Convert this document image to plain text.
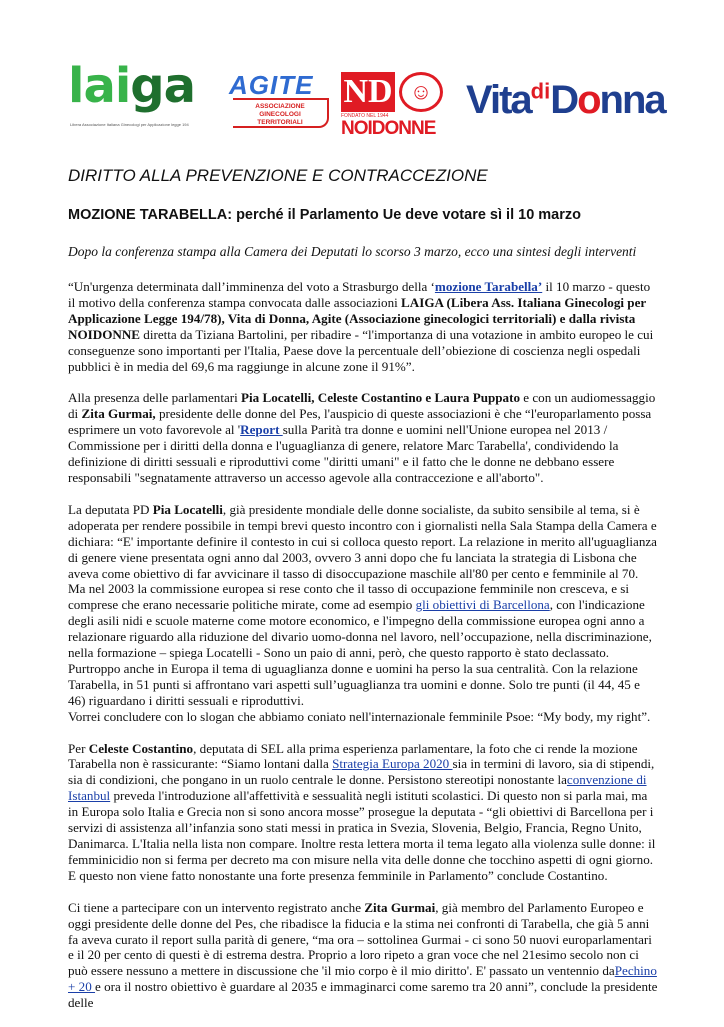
laiga
Libera Associazione Italiana Ginecologi per Applicazione legge 194
AGITE
ASSOCIAZIONE
GINECOLOGI
TERRITORIALI
ND ☺
FONDATO NEL 1944
NOIDONNE
Vita$^{di}$Donna
DIRITTO ALLA PREVENZIONE E CONTRACCEZIONE
MOZIONE TARABELLA: perché il Parlamento Ue deve votare sì il 10 marzo
Dopo la conferenza stampa alla Camera dei Deputati lo scorso 3 marzo, ecco una sintesi degli interventi

“Un'urgenza determinata dall’imminenza del voto a Strasburgo della ‘mozione Tarabella’ il 10 marzo - questo il motivo della conferenza stampa convocata dalle associazioni LAIGA (Libera Ass. Italiana Ginecologi per Applicazione Legge 194/78), Vita di Donna, Agite (Associazione ginecologici territoriali) e dalla rivista NOIDONNE diretta da Tiziana Bartolini, per ribadire - “l'importanza di una votazione in ambito europeo le cui conseguenze sono importanti per l'Italia, Paese dove la percentuale dell’obiezione di coscienza negli ospedali pubblici è in media del 69,6 ma raggiunge in alcune zone il 91%”.

Alla presenza delle parlamentari Pia Locatelli, Celeste Costantino e Laura Puppato e con un audiomessaggio di Zita Gurmai, presidente delle donne del Pes, l'auspicio di queste associazioni è che “l'europarlamento possa esprimere un voto favorevole al 'Report sulla Parità tra donne e uomini nell'Unione europea nel 2013 / Commissione per i diritti della donna e l'uguaglianza di genere, relatore Marc Tarabella', condividendo la definizione di diritti sessuali e riproduttivi come "diritti umani" e il fatto che le donne ne debbano essere responsabili "segnatamente attraverso un accesso agevole alla contraccezione e all'aborto".

La deputata PD Pia Locatelli, già presidente mondiale delle donne socialiste, da subito sensibile al tema, si è adoperata per rendere possibile in tempi brevi questo incontro con i giornalisti nella Sala Stampa della Camera e dichiara: “E' importante definire il contesto in cui si colloca questo report. La relazione in merito all'uguaglianza di genere viene presentata ogni anno dal 2003, ovvero 3 anni dopo che fu lanciata la strategia di Lisbona che aveva come obiettivo di far avvicinare il tasso di disoccupazione maschile all'80 per cento e femminile al 70. Ma nel 2003 la commissione europea si rese conto che il tasso di occupazione femminile non cresceva, e si comprese che erano necessarie politiche mirate, come ad esempio gli obiettivi di Barcellona, con l'indicazione degli asili nidi e scuole materne come motore economico, e l'impegno della commissione europea ogni anno a relazionare riguardo alla riduzione del divario uomo-donna nel lavoro, nell’occupazione, nella discriminazione, nella formazione – spiega Locatelli - Sono un paio di anni, però, che questo rapporto è stato declassato. Purtroppo anche in Europa il tema di uguaglianza donne e uomini ha perso la sua centralità. Con la relazione Tarabella, in 51 punti si affrontano vari aspetti sull’uguaglianza tra uomini e donne. Solo tre punti (il 44, 45 e 46) riguardano i diritti sessuali e riproduttivi.

Vorrei concludere con lo slogan che abbiamo coniato nell'internazionale femminile Psoe: “My body, my right”.

Per Celeste Costantino, deputata di SEL alla prima esperienza parlamentare, la foto che ci rende la mozione Tarabella non è rassicurante: “Siamo lontani dalla Strategia Europa 2020 sia in termini di lavoro, sia di stipendi, sia di condizioni, che pongano in un ruolo centrale le donne. Persistono stereotipi nonostante laconvenzione di Istanbul preveda l'introduzione all'affettività e sessualità negli istituti scolastici. Di questo non si parla mai, ma in Europa solo Italia e Grecia non si sono ancora mosse” prosegue la deputata - “gli obiettivi di Barcellona per i servizi di assistenza all’infanzia sono stati messi in pratica in Svezia, Slovenia, Belgio, Francia, Regno Unito, Danimarca. L'Italia nella lista non compare. Inoltre resta lettera morta il tema legato alla violenza sulle donne: il femminicidio non si ferma per decreto ma con misure nella vita delle donne che tocchino aspetti di ogni giorno. E questo non viene fatto nonostante una forte presenza femminile in Parlamento” conclude Costantino.

Ci tiene a partecipare con un intervento registrato anche Zita Gurmai, già membro del Parlamento Europeo e oggi presidente delle donne del Pes, che ribadisce la fiducia e la stima nei confronti di Tarabella, che già 5 anni fa aveva curato il report sulla parità di genere, “ma ora – sottolinea Gurmai - ci sono 50 nuovi europarlamentari e il 20 per cento di questi è di estrema destra. Proprio a loro ripeto a gran voce che nel 21esimo secolo non ci può essere nessuno a mettere in discussione che 'il mio corpo è il mio diritto'. E' passato un ventennio daPechino + 20 e ora il nostro obiettivo è guardare al 2035 e immaginarci come saremo tra 20 anni”, conclude la presidente delle
